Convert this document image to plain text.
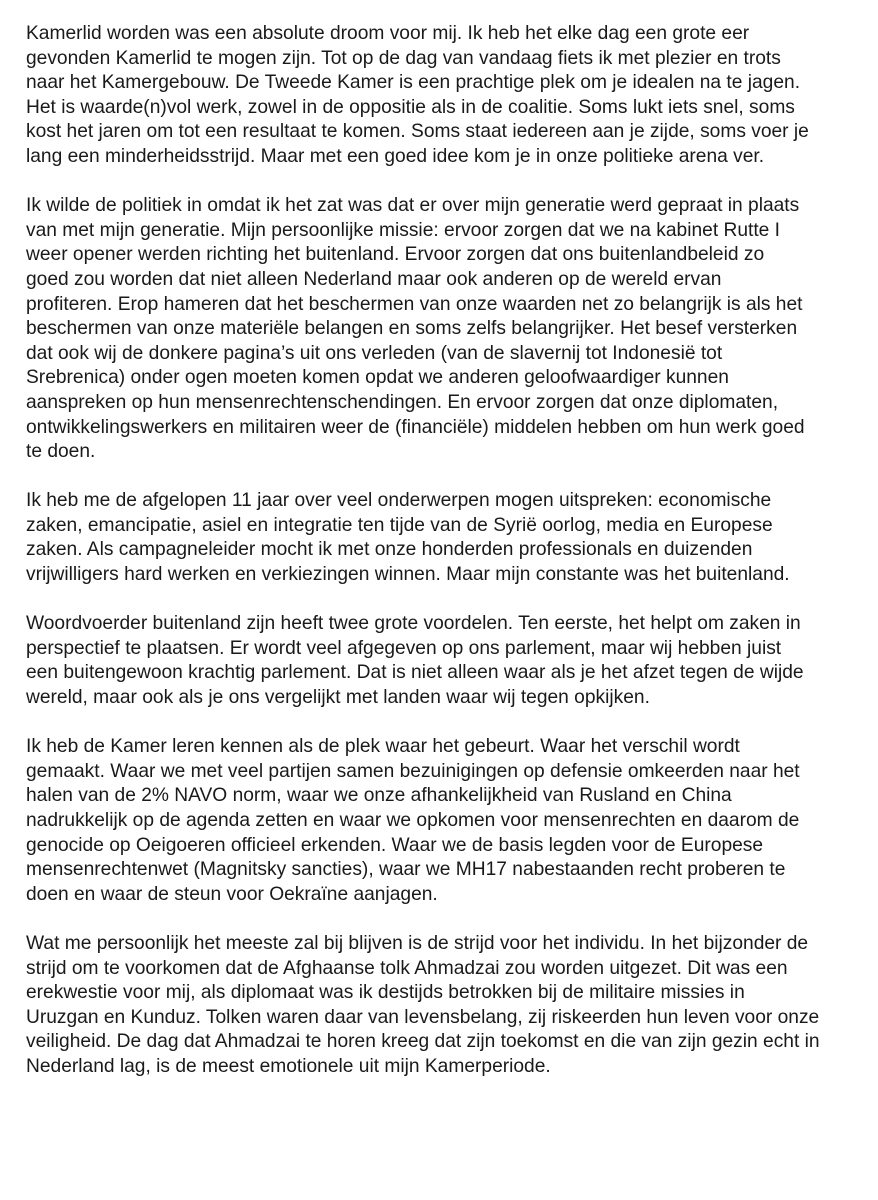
Kamerlid worden was een absolute droom voor mij. Ik heb het elke dag een grote eer
gevonden Kamerlid te mogen zijn. Tot op de dag van vandaag fiets ik met plezier en trots
naar het Kamergebouw. De Tweede Kamer is een prachtige plek om je idealen na te jagen.
Het is waarde(n)vol werk, zowel in de oppositie als in de coalitie. Soms lukt iets snel, soms
kost het jaren om tot een resultaat te komen. Soms staat iedereen aan je zijde, soms voer je
lang een minderheidsstrijd. Maar met een goed idee kom je in onze politieke arena ver.
Ik wilde de politiek in omdat ik het zat was dat er over mijn generatie werd gepraat in plaats
van met mijn generatie. Mijn persoonlijke missie: ervoor zorgen dat we na kabinet Rutte I
weer opener werden richting het buitenland. Ervoor zorgen dat ons buitenlandbeleid zo
goed zou worden dat niet alleen Nederland maar ook anderen op de wereld ervan
profiteren. Erop hameren dat het beschermen van onze waarden net zo belangrijk is als het
beschermen van onze materiële belangen en soms zelfs belangrijker. Het besef versterken
dat ook wij de donkere pagina’s uit ons verleden (van de slavernij tot Indonesië tot
Srebrenica) onder ogen moeten komen opdat we anderen geloofwaardiger kunnen
aanspreken op hun mensenrechtenschendingen. En ervoor zorgen dat onze diplomaten,
ontwikkelingswerkers en militairen weer de (financiële) middelen hebben om hun werk goed
te doen.
Ik heb me de afgelopen 11 jaar over veel onderwerpen mogen uitspreken: economische
zaken, emancipatie, asiel en integratie ten tijde van de Syrië oorlog, media en Europese
zaken. Als campagneleider mocht ik met onze honderden professionals en duizenden
vrijwilligers hard werken en verkiezingen winnen. Maar mijn constante was het buitenland.
Woordvoerder buitenland zijn heeft twee grote voordelen. Ten eerste, het helpt om zaken in
perspectief te plaatsen. Er wordt veel afgegeven op ons parlement, maar wij hebben juist
een buitengewoon krachtig parlement. Dat is niet alleen waar als je het afzet tegen de wijde
wereld, maar ook als je ons vergelijkt met landen waar wij tegen opkijken.
Ik heb de Kamer leren kennen als de plek waar het gebeurt. Waar het verschil wordt
gemaakt. Waar we met veel partijen samen bezuinigingen op defensie omkeerden naar het
halen van de 2% NAVO norm, waar we onze afhankelijkheid van Rusland en China
nadrukkelijk op de agenda zetten en waar we opkomen voor mensenrechten en daarom de
genocide op Oeigoeren officieel erkenden. Waar we de basis legden voor de Europese
mensenrechtenwet (Magnitsky sancties), waar we MH17 nabestaanden recht proberen te
doen en waar de steun voor Oekraïne aanjagen.
Wat me persoonlijk het meeste zal bij blijven is de strijd voor het individu. In het bijzonder de
strijd om te voorkomen dat de Afghaanse tolk Ahmadzai zou worden uitgezet. Dit was een
erekwestie voor mij, als diplomaat was ik destijds betrokken bij de militaire missies in
Uruzgan en Kunduz. Tolken waren daar van levensbelang, zij riskeerden hun leven voor onze
veiligheid. De dag dat Ahmadzai te horen kreeg dat zijn toekomst en die van zijn gezin echt in
Nederland lag, is de meest emotionele uit mijn Kamerperiode.
